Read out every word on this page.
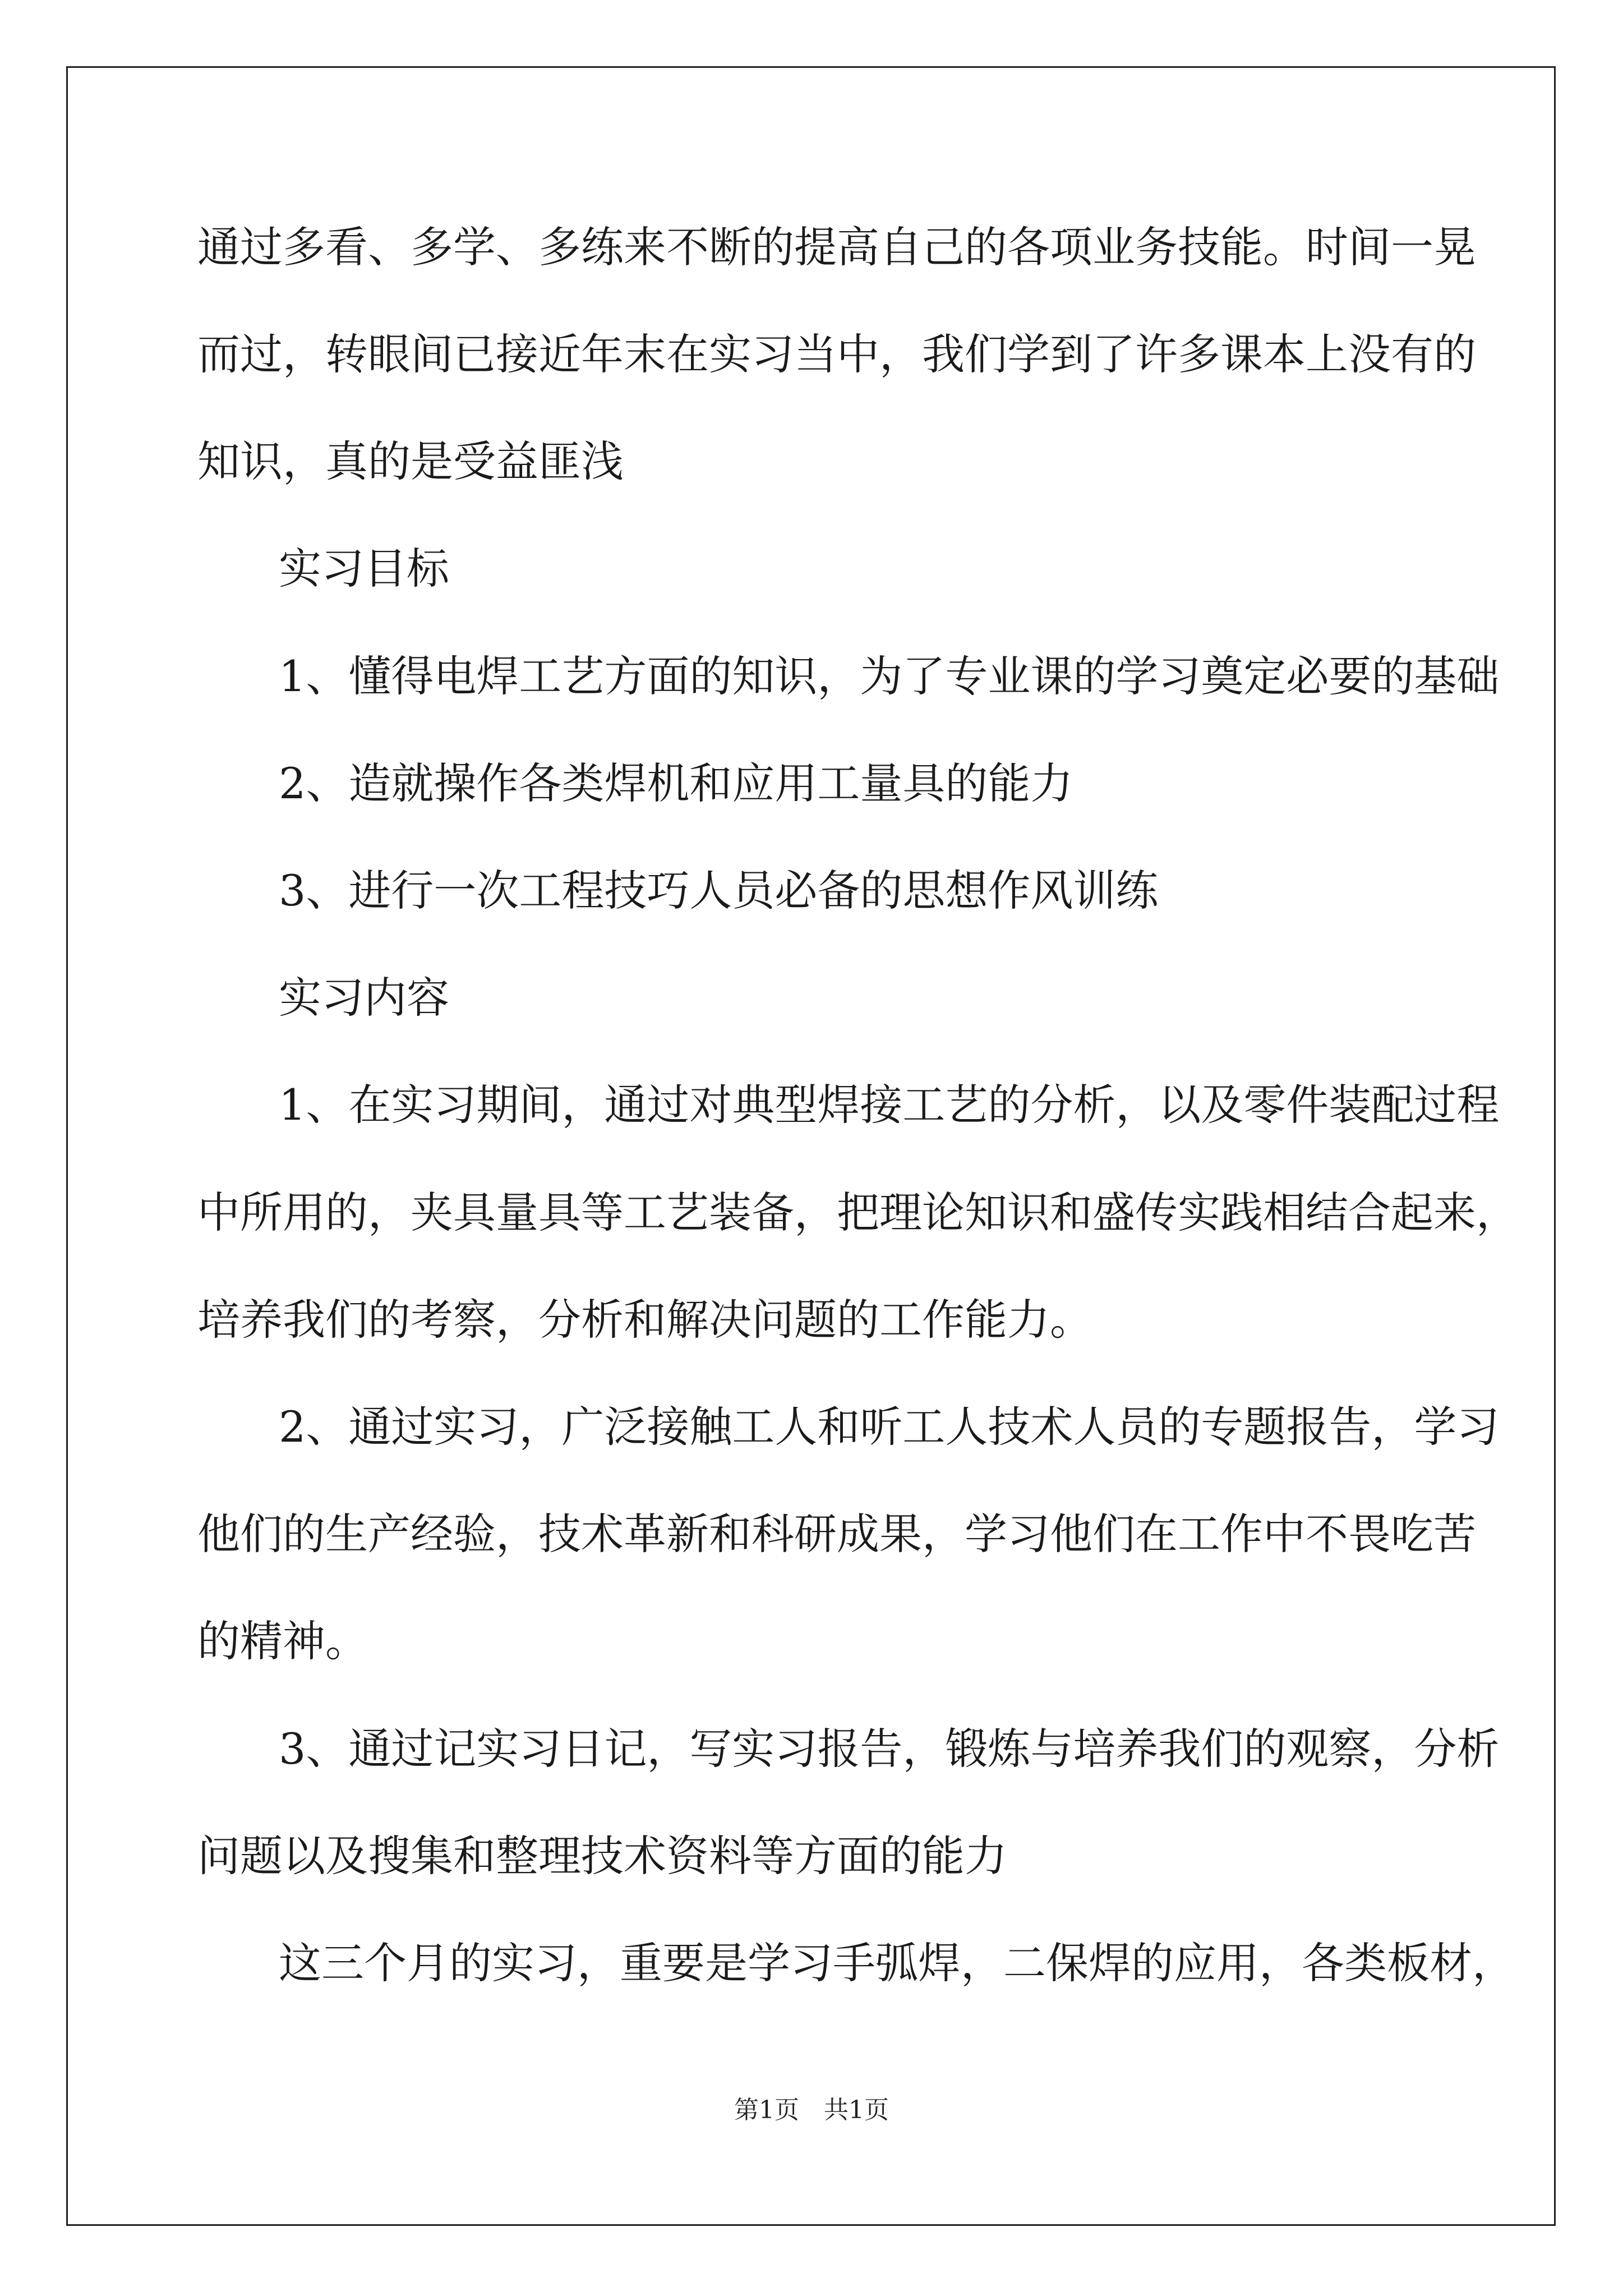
通过多看、多学、多练来不断的提高自己的各项业务技能。时间一晃
而过，转眼间已接近年末在实习当中，我们学到了许多课本上没有的
知识，真的是受益匪浅
实习目标
1、懂得电焊工艺方面的知识，为了专业课的学习奠定必要的基础
2、造就操作各类焊机和应用工量具的能力
3、进行一次工程技巧人员必备的思想作风训练
实习内容
1、在实习期间，通过对典型焊接工艺的分析，以及零件装配过程
中所用的，夹具量具等工艺装备，把理论知识和盛传实践相结合起来，
培养我们的考察，分析和解决问题的工作能力。
2、通过实习，广泛接触工人和听工人技术人员的专题报告，学习
他们的生产经验，技术革新和科研成果，学习他们在工作中不畏吃苦
的精神。
3、通过记实习日记，写实习报告，锻炼与培养我们的观察，分析
问题以及搜集和整理技术资料等方面的能力
这三个月的实习，重要是学习手弧焊，二保焊的应用，各类板材，
第1页　共1页
